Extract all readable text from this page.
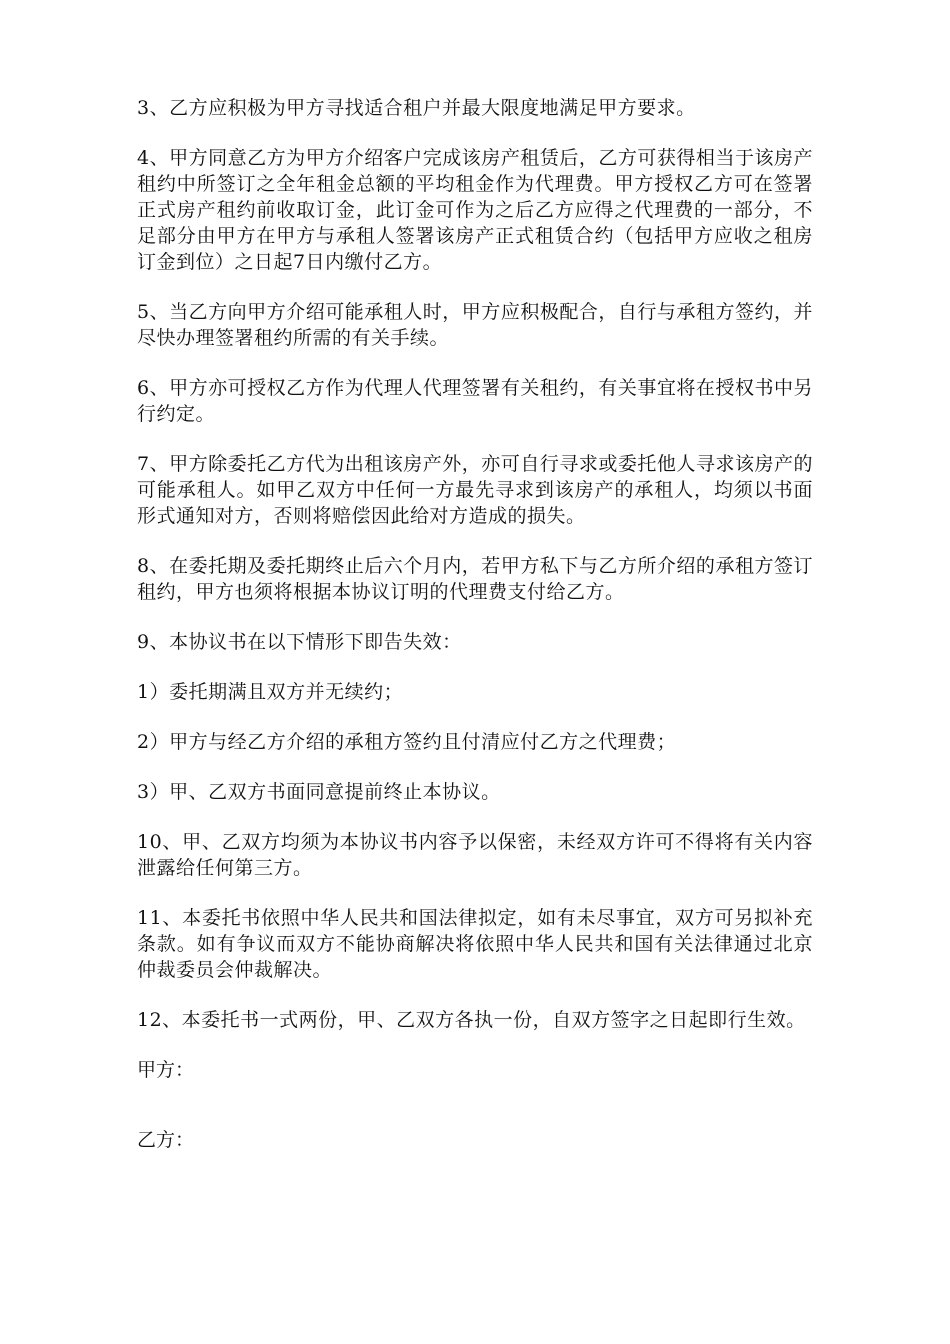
3、乙方应积极为甲方寻找适合租户并最大限度地满足甲方要求。

4、甲方同意乙方为甲方介绍客户完成该房产租赁后，乙方可获得相当于该房产租约中所签订之全年租金总额的平均租金作为代理费。甲方授权乙方可在签署正式房产租约前收取订金，此订金可作为之后乙方应得之代理费的一部分，不足部分由甲方在甲方与承租人签署该房产正式租赁合约（包括甲方应收之租房订金到位）之日起7日内缴付乙方。

5、当乙方向甲方介绍可能承租人时，甲方应积极配合，自行与承租方签约，并尽快办理签署租约所需的有关手续。

6、甲方亦可授权乙方作为代理人代理签署有关租约，有关事宜将在授权书中另行约定。

7、甲方除委托乙方代为出租该房产外，亦可自行寻求或委托他人寻求该房产的可能承租人。如甲乙双方中任何一方最先寻求到该房产的承租人，均须以书面形式通知对方，否则将赔偿因此给对方造成的损失。

8、在委托期及委托期终止后六个月内，若甲方私下与乙方所介绍的承租方签订租约，甲方也须将根据本协议订明的代理费支付给乙方。

9、本协议书在以下情形下即告失效：

1）委托期满且双方并无续约；

2）甲方与经乙方介绍的承租方签约且付清应付乙方之代理费；

3）甲、乙双方书面同意提前终止本协议。

10、甲、乙双方均须为本协议书内容予以保密，未经双方许可不得将有关内容泄露给任何第三方。

11、本委托书依照中华人民共和国法律拟定，如有未尽事宜，双方可另拟补充条款。如有争议而双方不能协商解决将依照中华人民共和国有关法律通过北京仲裁委员会仲裁解决。

12、本委托书一式两份，甲、乙双方各执一份，自双方签字之日起即行生效。

甲方：

乙方：
